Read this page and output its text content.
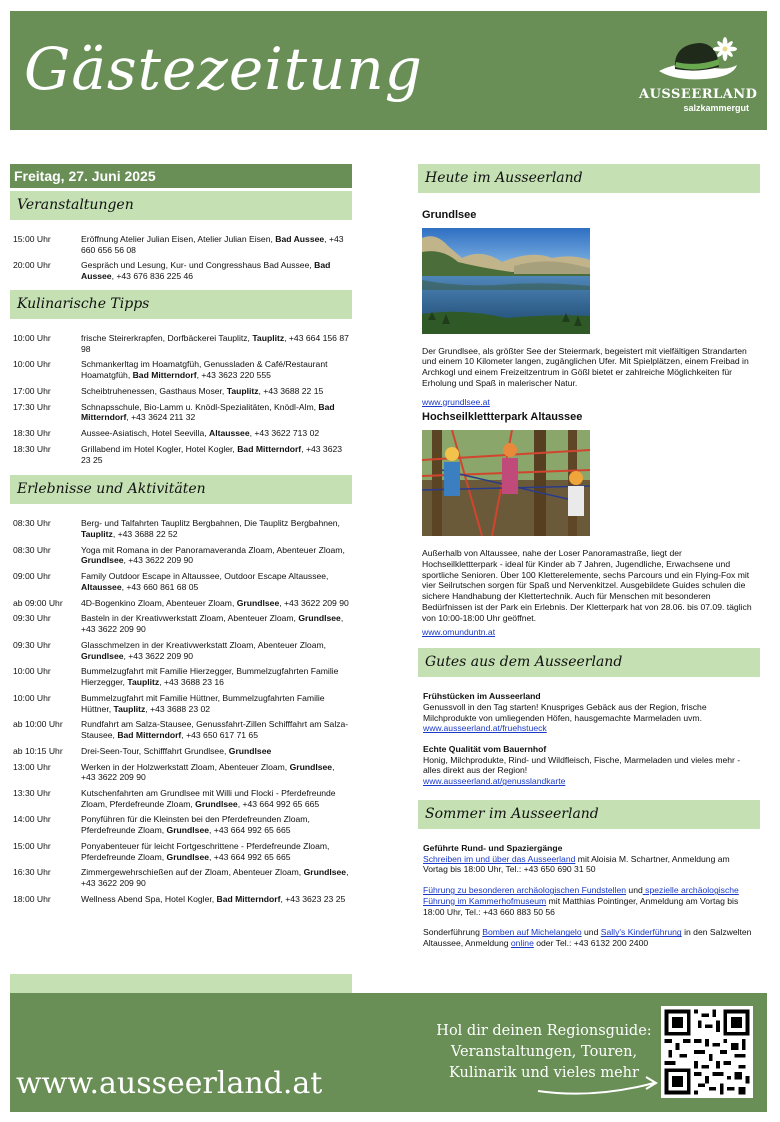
Gästezeitung	AUSSEERLAND
salzkammergut
Freitag, 27. Juni 2025
Veranstaltungen
15:00 Uhr	Eröffnung Atelier Julian Eisen, Atelier Julian Eisen, Bad Aussee, +43 660 656 56 08
20:00 Uhr	Gespräch und Lesung, Kur- und Congresshaus Bad Aussee, Bad Aussee, +43 676 836 225 46
Kulinarische Tipps
10:00 Uhr	frische Steirerkrapfen, Dorfbäckerei Tauplitz, Tauplitz, +43 664 156 87 98
10:00 Uhr	Schmankerltag im Hoamatgfüh, Genussladen & Café/Restaurant Hoamatgfüh, Bad Mitterndorf, +43 3623 220 555
17:00 Uhr	Scheibtruhenessen, Gasthaus Moser, Tauplitz, +43 3688 22 15
17:30 Uhr	Schnapsschule, Bio-Lamm u. Knödl-Spezialitäten, Knödl-Alm, Bad Mitterndorf, +43 3624 211 32
18:30 Uhr	Aussee-Asiatisch, Hotel Seevilla, Altaussee, +43 3622 713 02
18:30 Uhr	Grillabend im Hotel Kogler, Hotel Kogler, Bad Mitterndorf, +43 3623 23 25
Erlebnisse und Aktivitäten
08:30 Uhr	Berg- und Talfahrten Tauplitz Bergbahnen, Die Tauplitz Bergbahnen, Tauplitz, +43 3688 22 52
08:30 Uhr	Yoga mit Romana in der Panoramaveranda Zloam, Abenteuer Zloam, Grundlsee, +43 3622 209 90
09:00 Uhr	Family Outdoor Escape in Altaussee, Outdoor Escape Altaussee, Altaussee, +43 660 861 68 05
ab 09:00 Uhr	4D-Bogenkino Zloam, Abenteuer Zloam, Grundlsee, +43 3622 209 90
09:30 Uhr	Basteln in der Kreativwerkstatt Zloam, Abenteuer Zloam, Grundlsee, +43 3622 209 90
09:30 Uhr	Glasschmelzen in der Kreativwerkstatt Zloam, Abenteuer Zloam, Grundlsee, +43 3622 209 90
10:00 Uhr	Bummelzugfahrt mit Familie Hierzegger, Bummelzugfahrten Familie Hierzegger, Tauplitz, +43 3688 23 16
10:00 Uhr	Bummelzugfahrt mit Familie Hüttner, Bummelzugfahrten Familie Hüttner, Tauplitz, +43 3688 23 02
ab 10:00 Uhr	Rundfahrt am Salza-Stausee, Genussfahrt-Zillen Schifffahrt am Salza-Stausee, Bad Mitterndorf, +43 650 617 71 65
ab 10:15 Uhr	Drei-Seen-Tour, Schifffahrt Grundlsee, Grundlsee
13:00 Uhr	Werken in der Holzwerkstatt Zloam, Abenteuer Zloam, Grundlsee, +43 3622 209 90
13:30 Uhr	Kutschenfahrten am Grundlsee mit Willi und Flocki - Pferdefreunde Zloam, Pferdefreunde Zloam, Grundlsee, +43 664 992 65 665
14:00 Uhr	Ponyführen für die Kleinsten bei den Pferdefreunden Zloam, Pferdefreunde Zloam, Grundlsee, +43 664 992 65 665
15:00 Uhr	Ponyabenteuer für leicht Fortgeschrittene - Pferdefreunde Zloam, Pferdefreunde Zloam, Grundlsee, +43 664 992 65 665
16:30 Uhr	Zimmergewehrschießen auf der Zloam, Abenteuer Zloam, Grundlsee, +43 3622 209 90
18:00 Uhr	Wellness Abend Spa, Hotel Kogler, Bad Mitterndorf, +43 3623 23 25
Heute im Ausseerland
Grundlsee
Der Grundlsee, als größter See der Steiermark, begeistert mit vielfältigen Strandarten und einem 10 Kilometer langen, zugänglichen Ufer. Mit Spielplätzen, einem Freibad in Archkogl und einem Freizeitzentrum in Gößl bietet er zahlreiche Möglichkeiten für Erholung und Spaß in malerischer Natur.
www.grundlsee.at
Hochseilklettterpark Altaussee
Außerhalb von Altaussee, nahe der Loser Panoramastraße, liegt der Hochseilklettterpark - ideal für Kinder ab 7 Jahren, Jugendliche, Erwachsene und sportliche Senioren. Über 100 Kletterelemente, sechs Parcours und ein Flying-Fox mit vier Seilrutschen sorgen für Spaß und Nervenkitzel. Ausgebildete Guides schulen die sichere Handhabung der Klettertechnik. Auch für Menschen mit besonderen Bedürfnissen ist der Park ein Erlebnis. Der Kletterpark hat von 28.06. bis 07.09. täglich von 10:00-18:00 Uhr geöffnet.
www.omunduntn.at
Gutes aus dem Ausseerland
Frühstücken im Ausseerland
Genussvoll in den Tag starten! Knuspriges Gebäck aus der Region, frische Milchprodukte von umliegenden Höfen, hausgemachte Marmeladen uvm.
www.ausseerland.at/fruehstueck
Echte Qualität vom Bauernhof
Honig, Milchprodukte, Rind- und Wildfleisch, Fische, Marmeladen und vieles mehr - alles direkt aus der Region!
www.ausseerland.at/genusslandkarte
Sommer im Ausseerland
Geführte Rund- und Spaziergänge
Schreiben im und über das Ausseerland mit Aloisia M. Schartner, Anmeldung am Vortag bis 18:00 Uhr, Tel.: +43 650 690 31 50
Führung zu besonderen archäologischen Fundstellen und spezielle archäologische Führung im Kammerhofmuseum mit Matthias Pointinger, Anmeldung am Vortag bis 18:00 Uhr, Tel.: +43 660 883 50 56
Sonderführung Bomben auf Michelangelo und Sally's Kinderführung in den Salzwelten Altaussee, Anmeldung online oder Tel.: +43 6132 200 2400
www.ausseerland.at
Hol dir deinen Regionsguide:
Veranstaltungen, Touren,
Kulinarik und vieles mehr
